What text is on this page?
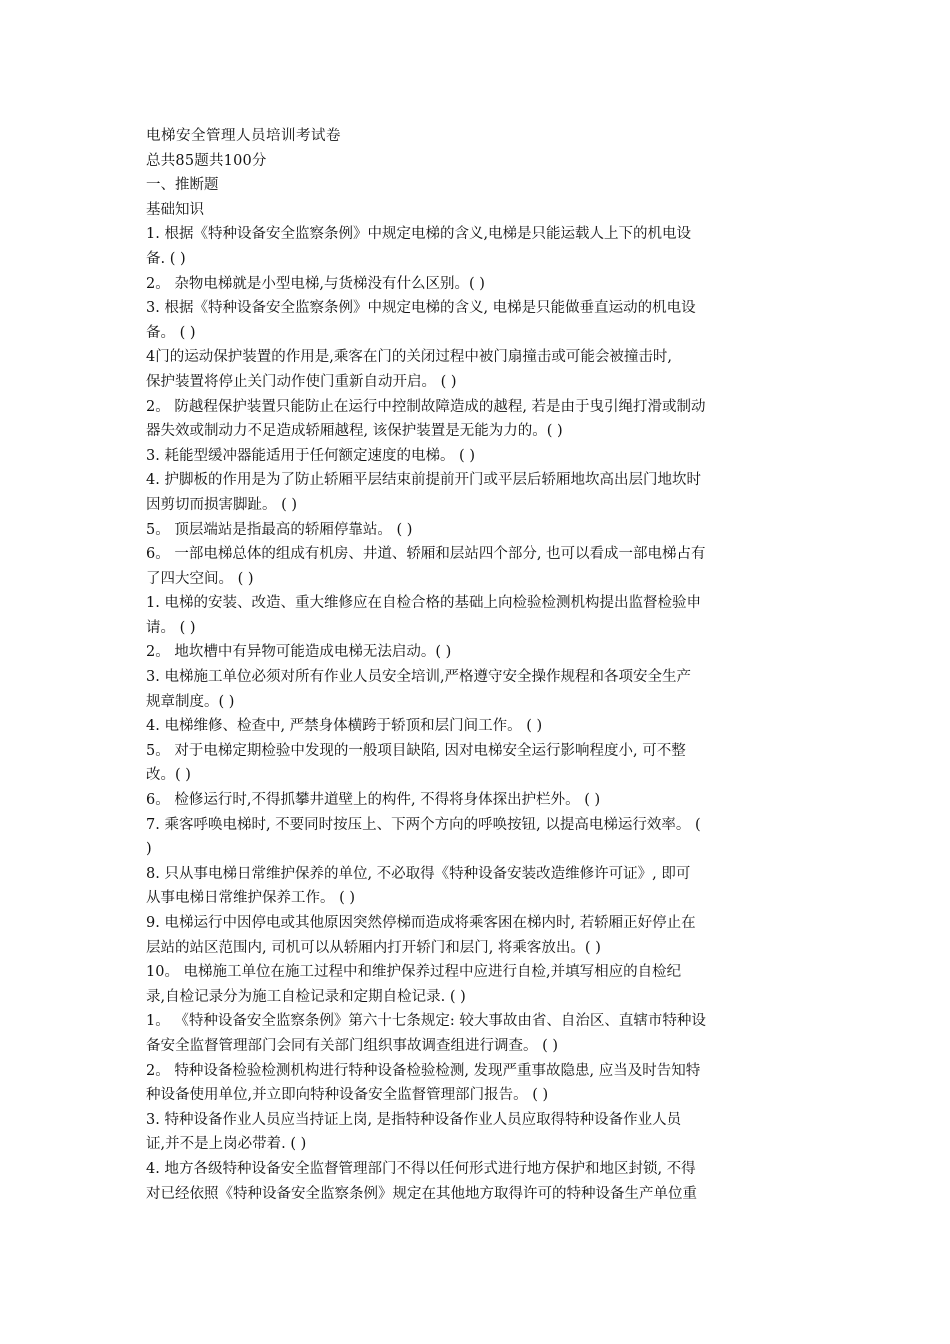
电梯安全管理人员培训考试卷
总共85题共100分
一、推断题
基础知识
1. 根据《特种设备安全监察条例》中规定电梯的含义,电梯是只能运载人上下的机电设
备. ( )
2。 杂物电梯就是小型电梯,与货梯没有什么区别。( )
3. 根据《特种设备安全监察条例》中规定电梯的含义, 电梯是只能做垂直运动的机电设
备。 ( )
4门的运动保护装置的作用是,乘客在门的关闭过程中被门扇撞击或可能会被撞击时,
保护装置将停止关门动作使门重新自动开启。 ( )
2。 防越程保护装置只能防止在运行中控制故障造成的越程, 若是由于曳引绳打滑或制动
器失效或制动力不足造成轿厢越程, 该保护装置是无能为力的。( )
3. 耗能型缓冲器能适用于任何额定速度的电梯。 ( )
4. 护脚板的作用是为了防止轿厢平层结束前提前开门或平层后轿厢地坎高出层门地坎时
因剪切而损害脚趾。 ( )
5。 顶层端站是指最高的轿厢停靠站。 ( )
6。 一部电梯总体的组成有机房、井道、轿厢和层站四个部分, 也可以看成一部电梯占有
了四大空间。 ( )
1. 电梯的安装、改造、重大维修应在自检合格的基础上向检验检测机构提出监督检验申
请。 ( )
2。 地坎槽中有异物可能造成电梯无法启动。( )
3. 电梯施工单位必须对所有作业人员安全培训,严格遵守安全操作规程和各项安全生产
规章制度。( )
4. 电梯维修、检查中, 严禁身体横跨于轿顶和层门间工作。 ( )
5。 对于电梯定期检验中发现的一般项目缺陷, 因对电梯安全运行影响程度小, 可不整
改。( )
6。 检修运行时,不得抓攀井道壁上的构件, 不得将身体探出护栏外。 ( )
7. 乘客呼唤电梯时, 不要同时按压上、下两个方向的呼唤按钮, 以提高电梯运行效率。 (
)
8. 只从事电梯日常维护保养的单位, 不必取得《特种设备安装改造维修许可证》, 即可
从事电梯日常维护保养工作。 ( )
9. 电梯运行中因停电或其他原因突然停梯而造成将乘客困在梯内时, 若轿厢正好停止在
层站的站区范围内, 司机可以从轿厢内打开轿门和层门, 将乘客放出。( )
10。 电梯施工单位在施工过程中和维护保养过程中应进行自检,并填写相应的自检纪
录,自检记录分为施工自检记录和定期自检记录. ( )
1。 《特种设备安全监察条例》第六十七条规定: 较大事故由省、自治区、直辖市特种设
备安全监督管理部门会同有关部门组织事故调查组进行调查。 ( )
2。 特种设备检验检测机构进行特种设备检验检测, 发现严重事故隐患, 应当及时告知特
种设备使用单位,并立即向特种设备安全监督管理部门报告。 ( )
3. 特种设备作业人员应当持证上岗, 是指特种设备作业人员应取得特种设备作业人员
证,并不是上岗必带着. ( )
4. 地方各级特种设备安全监督管理部门不得以任何形式进行地方保护和地区封锁, 不得
对已经依照《特种设备安全监察条例》规定在其他地方取得许可的特种设备生产单位重
